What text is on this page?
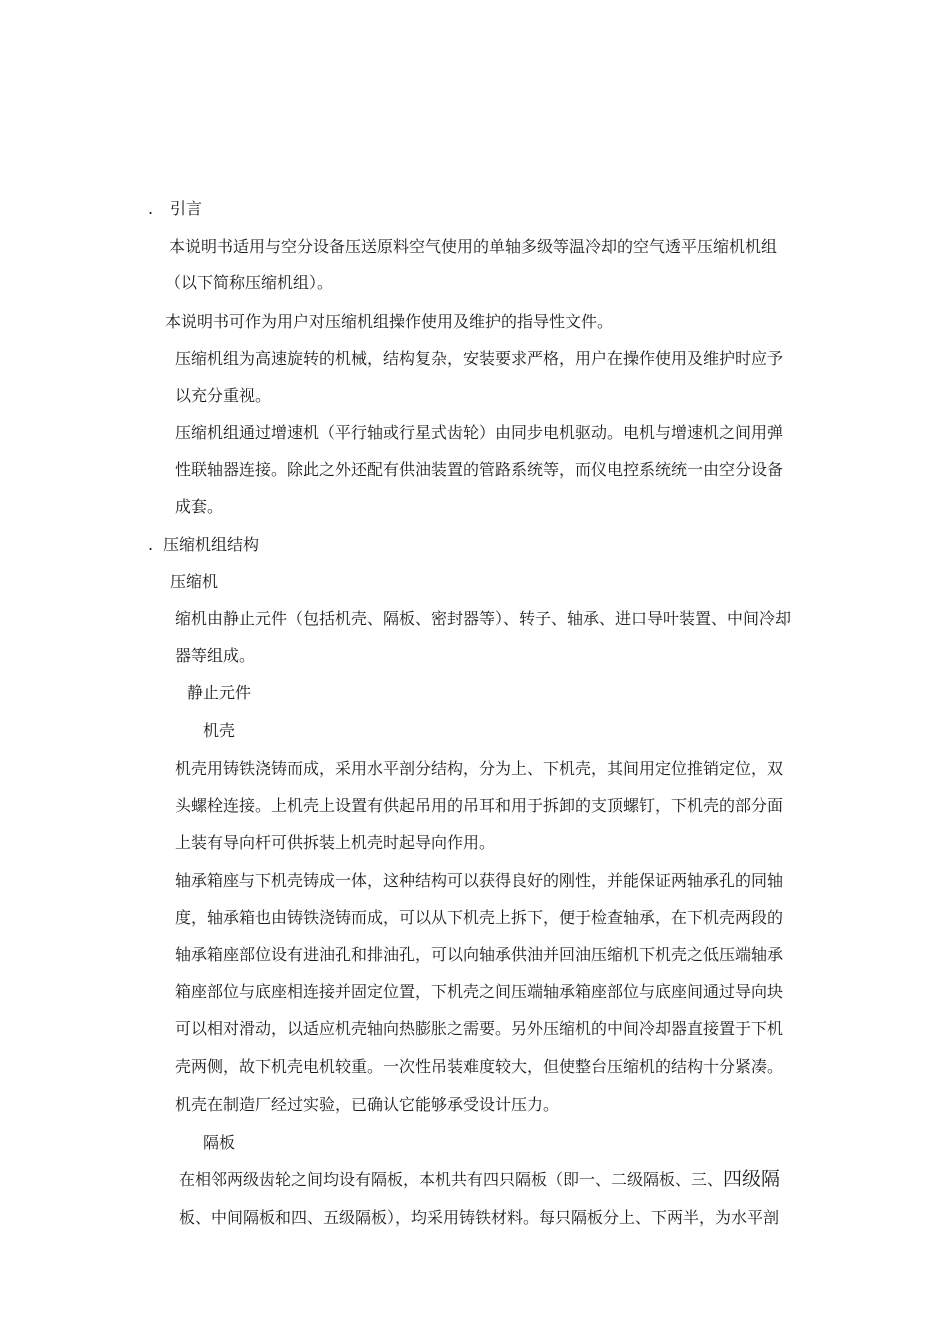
. 引言
本说明书适用与空分设备压送原料空气使用的单轴多级等温冷却的空气透平压缩机机组
（以下简称压缩机组）。
本说明书可作为用户对压缩机组操作使用及维护的指导性文件。
压缩机组为高速旋转的机械，结构复杂，安装要求严格，用户在操作使用及维护时应予
以充分重视。
压缩机组通过增速机（平行轴或行星式齿轮）由同步电机驱动。电机与增速机之间用弹
性联轴器连接。除此之外还配有供油装置的管路系统等，而仪电控系统统一由空分设备
成套。
. 压缩机组结构
压缩机
缩机由静止元件（包括机壳、隔板、密封器等）、转子、轴承、进口导叶装置、中间冷却
器等组成。
静止元件
机壳
机壳用铸铁浇铸而成，采用水平剖分结构，分为上、下机壳，其间用定位推销定位，双
头螺栓连接。上机壳上设置有供起吊用的吊耳和用于拆卸的支顶螺钉，下机壳的部分面
上装有导向杆可供拆装上机壳时起导向作用。
轴承箱座与下机壳铸成一体，这种结构可以获得良好的刚性，并能保证两轴承孔的同轴
度，轴承箱也由铸铁浇铸而成，可以从下机壳上拆下，便于检查轴承，在下机壳两段的
轴承箱座部位设有进油孔和排油孔，可以向轴承供油并回油压缩机下机壳之低压端轴承
箱座部位与底座相连接并固定位置，下机壳之间压端轴承箱座部位与底座间通过导向块
可以相对滑动，以适应机壳轴向热膨胀之需要。另外压缩机的中间冷却器直接置于下机
壳两侧，故下机壳电机较重。一次性吊装难度较大，但使整台压缩机的结构十分紧凑。
机壳在制造厂经过实验，已确认它能够承受设计压力。
隔板
在相邻两级齿轮之间均设有隔板，本机共有四只隔板（即一、二级隔板、三、四级隔
板、中间隔板和四、五级隔板），均采用铸铁材料。每只隔板分上、下两半，为水平剖
